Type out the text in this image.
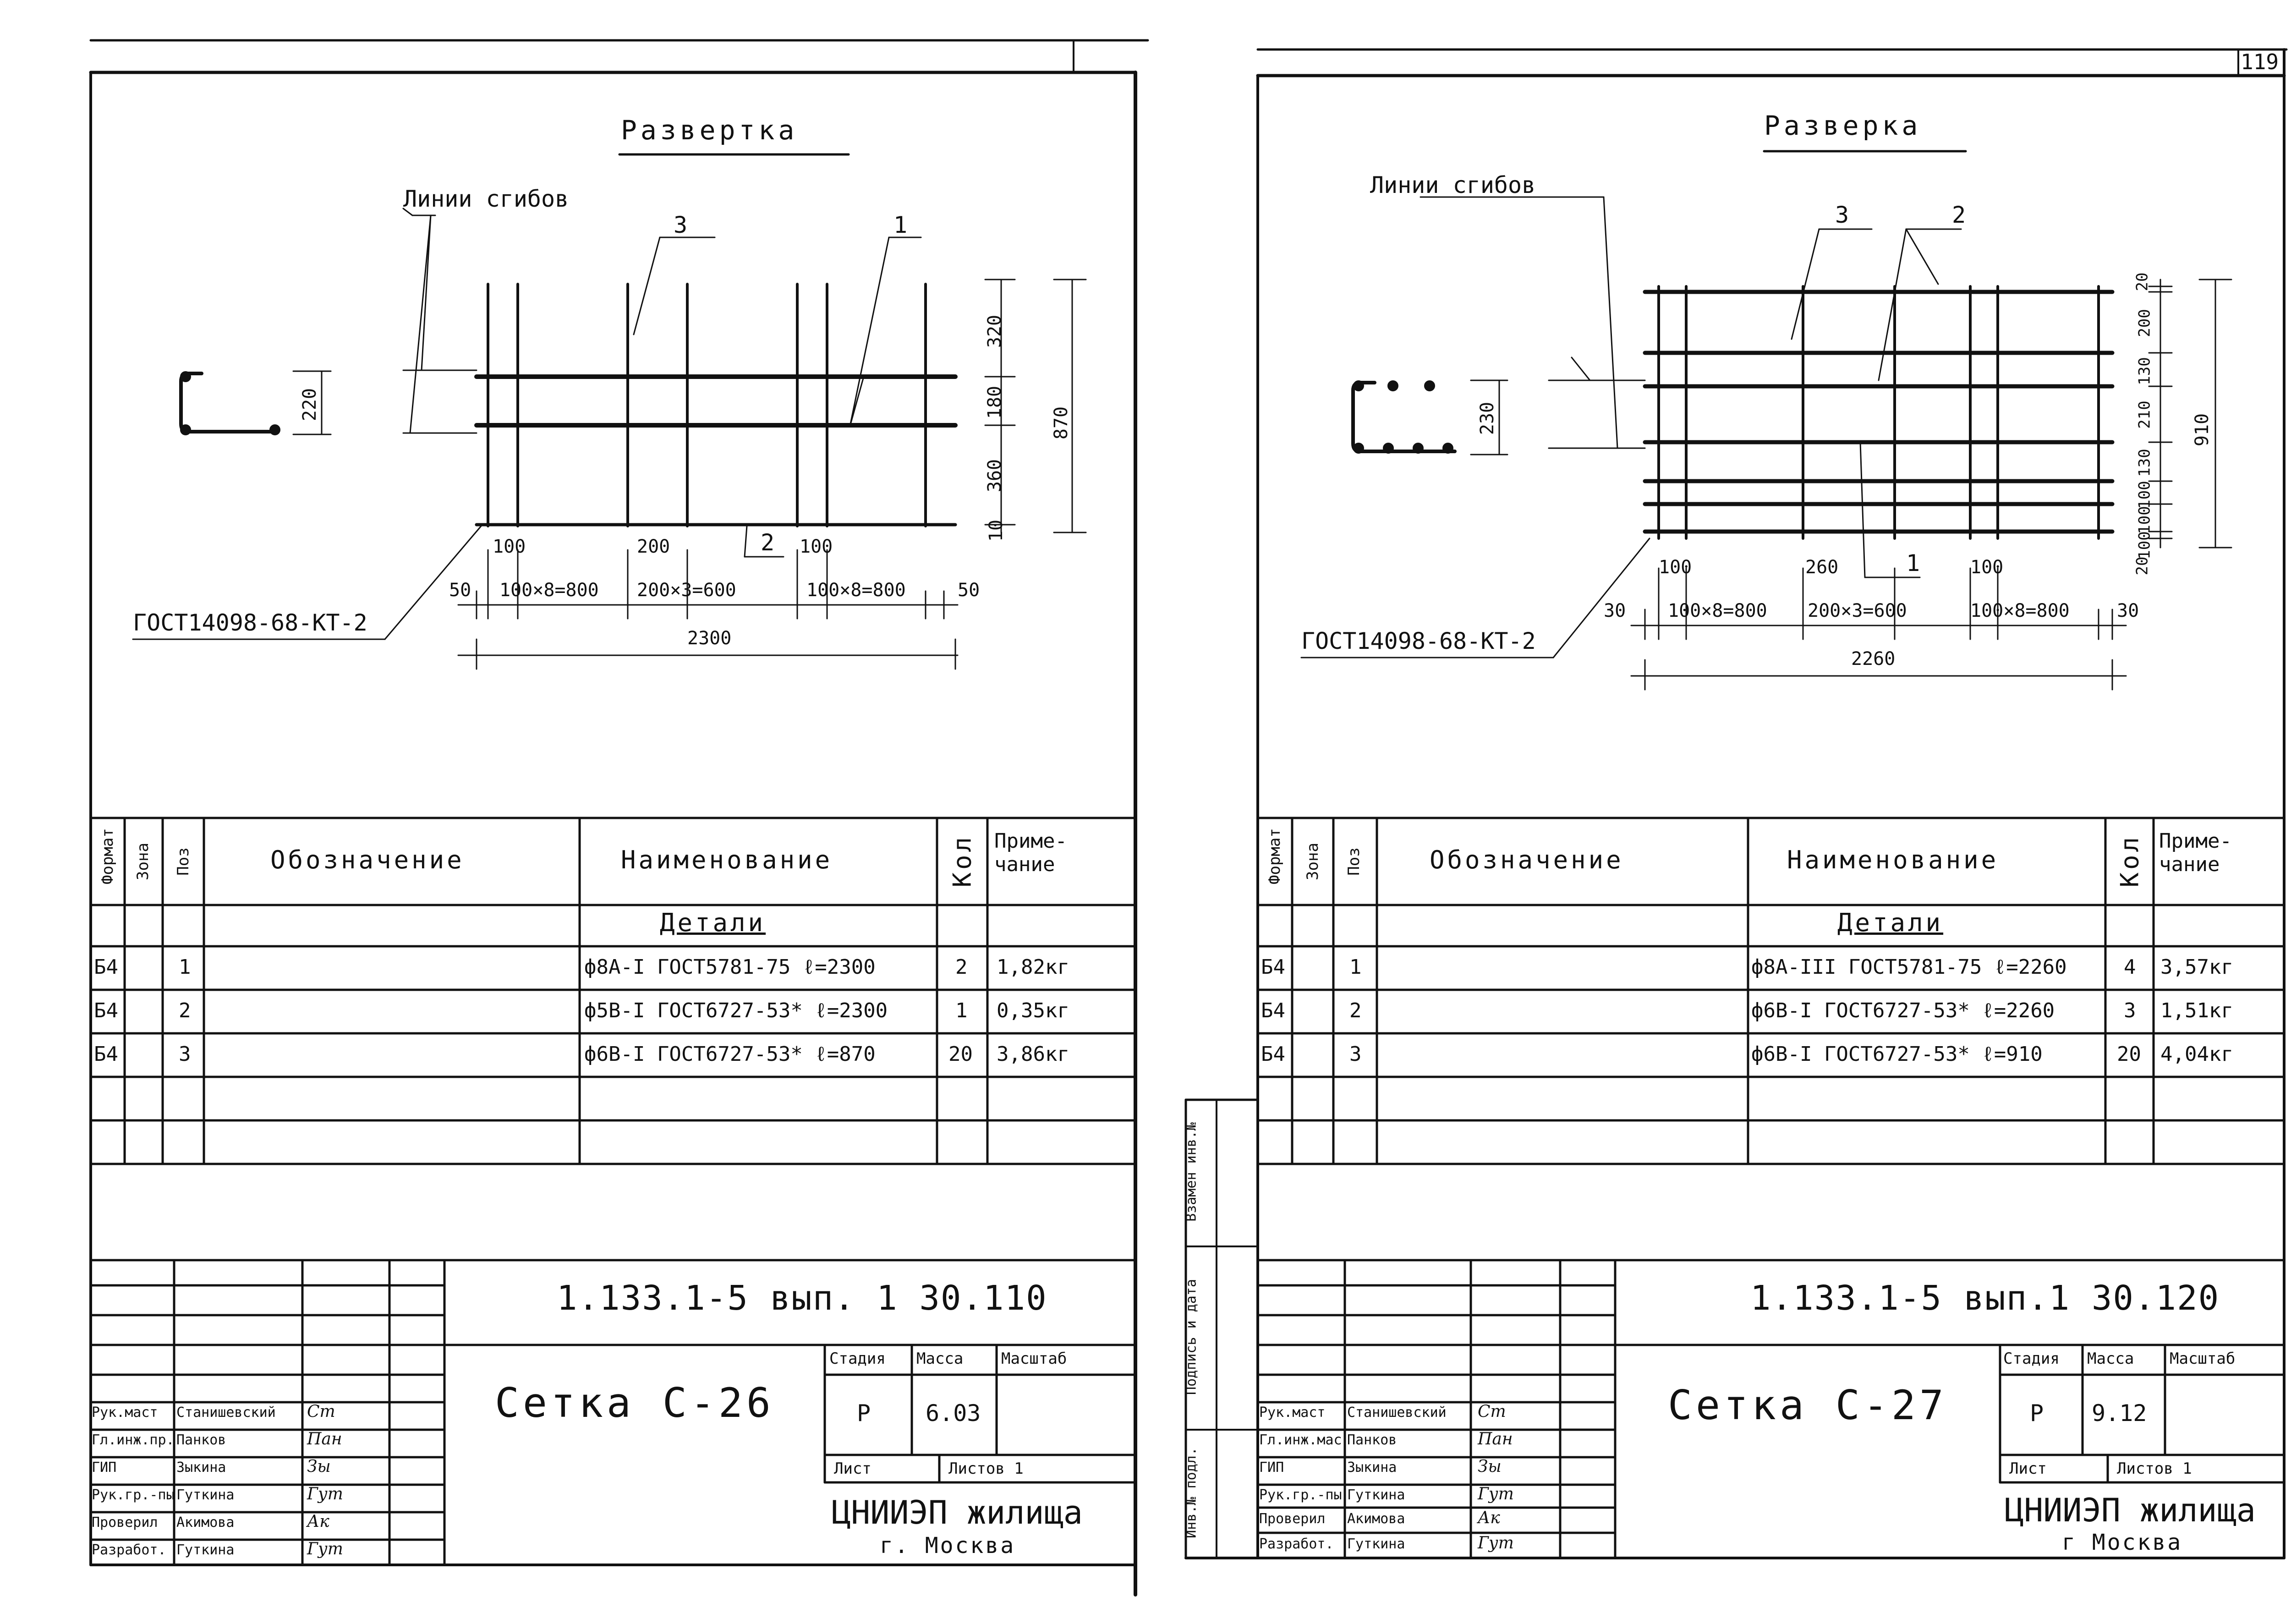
119
Развертка
Линии сгибов
220
3	1
2
ГОСТ14098-68-КТ-2
320
180
360
10
870
100	200	100
50 100×8=800 200×3=600	100×8=800	50
2300
Формат Зона Поз	Обозначение	Наименование	Кол Приме-
чание
Детали
Б4	1	ф8А-I ГОСТ5781-75 ℓ=2300	2 1,82кг
Б4	2	ф5В-I ГОСТ6727-53* ℓ=2300	1 0,35кг
Б4	3	ф6В-I ГОСТ6727-53* ℓ=870	20 3,86кг
1.133.1-5 вып. 1 30.110
Сетка С-26
Стадия Масса Масштаб
Р 6.03
Лист	Листов 1
ЦНИИЭП жилища
г. Москва
Рук.маст Станишевский Ст
Гл.инж.пр. Панков	Пан
ГИП	Зыкина	Зы
Рук.гр.-пы Гуткина	Гут
Проверил Акимова	Ак
Разработ. Гуткина	Гут
Разверка
Линии сгибов
230
3	2
1
ГОСТ14098-68-КТ-2
20
200
130
210
130
100
100
100
20
910
100	260	100
30 100×8=800 200×3=600	100×8=800	30
2260
Формат Зона Поз	Обозначение	Наименование	Кол Приме-
чание
Детали
Б4	1	ф8А-III ГОСТ5781-75 ℓ=2260	4 3,57кг
Б4	2	ф6В-I ГОСТ6727-53* ℓ=2260	3 1,51кг
Б4	3	ф6В-I ГОСТ6727-53* ℓ=910	20 4,04кг
1.133.1-5 вып.1 30.120
Сетка С-27
Стадия Масса Масштаб
Р 9.12
Лист	Листов 1
ЦНИИЭП жилища
г Москва
Рук.маст Станишевский Ст
Гл.инж.мас Панков	Пан
ГИП	Зыкина	Зы
Рук.гр.-пы Гуткина	Гут
Проверил Акимова	Ак
Разработ. Гуткина	Гут
Инв.№ подл.
Подпись и дата
Взамен инв.№
